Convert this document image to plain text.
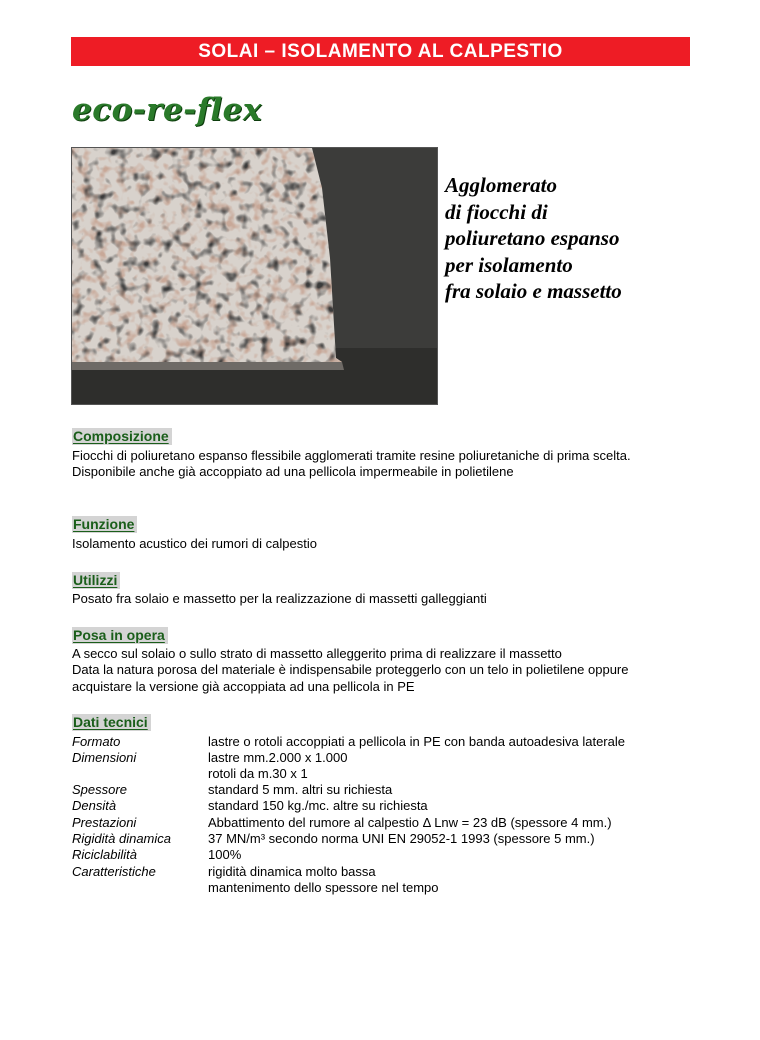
SOLAI – ISOLAMENTO AL CALPESTIO
eco-re-flex
Agglomerato
di fiocchi di
poliuretano espanso
per isolamento
fra solaio e massetto
Composizione
Fiocchi di poliuretano espanso flessibile agglomerati tramite resine poliuretaniche di prima scelta.
Disponibile anche già accoppiato ad una pellicola impermeabile in polietilene
Funzione
Isolamento acustico dei rumori di calpestio
Utilizzi
Posato fra solaio e massetto per la realizzazione di massetti galleggianti
Posa in opera
A secco sul solaio o sullo strato di massetto alleggerito prima di realizzare il massetto
Data la natura porosa del materiale è indispensabile proteggerlo con un telo in polietilene oppure
acquistare la versione già accoppiata ad una pellicola in PE
Dati tecnici
Formato	lastre o rotoli accoppiati a pellicola in PE con banda autoadesiva laterale
Dimensioni	lastre mm.2.000 x 1.000
rotoli da m.30 x 1
Spessore	standard 5 mm. altri su richiesta
Densità	standard 150 kg./mc. altre su richiesta
Prestazioni	Abbattimento del rumore al calpestio Δ Lnw = 23 dB (spessore 4 mm.)
Rigidità dinamica	37 MN/m³ secondo norma UNI EN 29052-1 1993 (spessore 5 mm.)
Riciclabilità	100%
Caratteristiche	rigidità dinamica molto bassa
mantenimento dello spessore nel tempo
